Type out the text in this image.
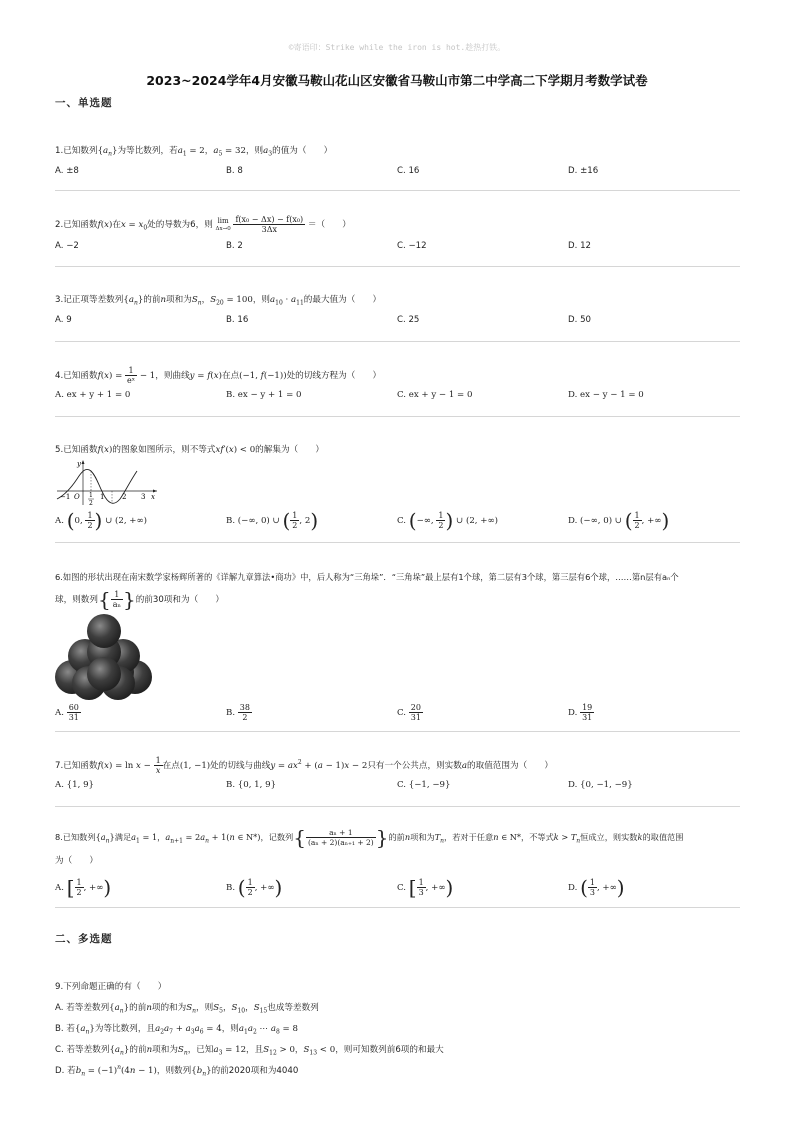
©寄语印：Strike while the iron is hot.趁热打铁。
2023~2024学年4月安徽马鞍山花山区安徽省马鞍山市第二中学高二下学期月考数学试卷
一、单选题
1.已知数列$\{a_n\}$为等比数列，若$a_1 = 2$，$a_5 = 32$，则$a_3$的值为（　　）
A. ±8	B. 8	C. 16	D. ±16
2.已知函数f(x)在$x = x_0$处的导数为6，则 lim
Δx→0
$\frac{\text{f(x₀ − Δx) − f(x₀)}}{3\Delta x}$ ＝（　　）
A. −2	B. 2	C. −12	D. 12
3.记正项等差数列$\{a_n\}$的前n项和为$S_n$，$S_{20} = 100$，则$a_{10} \cdot a_{11}$的最大值为（　　）
A. 9	B. 16	C. 25	D. 50
4.已知函数$f(x) = \frac{1}{\text{eˣ}} - 1$，则曲线y = f(x)在点(−1, f(−1))处的切线方程为（　　）
A. ex + y + 1 = 0	B. ex − y + 1 = 0	C. ex + y − 1 = 0	D. ex − y − 1 = 0
5.已知函数f(x)的图象如图所示，则不等式xf′(x) < 0的解集为（　　）
y
x
−1 O 1
2
1	2 3
A. (0, $\frac{1}{2}$ ) ∪ (2, +∞)	B. (−∞, 0) ∪ ( $\frac{1}{2}$ , 2)	C. (−∞, $\frac{1}{2}$ ) ∪ (2, +∞)	D. (−∞, 0) ∪ ( $\frac{1}{2}$ , +∞)
6.如图的形状出现在南宋数学家杨辉所著的《详解九章算法•商功》中，后人称为“三角垛”．“三角垛”最上层有1个球，第二层有3个球，第三层有6个球，……第n层有aₙ个
球，则数列{ $\frac{1}{\text{aₙ}}$ }的前30项和为（　　）
A. $\frac{60}{31}$	B. $\frac{38}{2}$	C. $\frac{20}{31}$	D. $\frac{19}{31}$
7.已知函数$f(x) = \ln x - \frac{1}{x}$ 在点(1, −1)处的切线与曲线$y = ax^2 + (a - 1)x - 2$只有一个公共点，则实数a的取值范围为（　　）
A. {1, 9}	B. {0, 1, 9}	C. {−1, −9}	D. {0, −1, −9}
8.已知数列$\{a_n\}$满足$a_1 = 1$，$a_{n+1} = 2a_n + 1(n$ ∈ N*)，记数列{ $\frac{\text{aₙ + 1}}{\text{(aₙ + 2)(aₙ₊₁ + 2)}}$ }的前n项和为$T_n$，若对于任意n ∈ N*，不等式$k > T_n$恒成立，则实数k的取值范围
为（　　）
A. [ $\frac{1}{2}$ , +∞)	B. ( $\frac{1}{2}$ , +∞)	C. [ $\frac{1}{3}$ , +∞)	D. ( $\frac{1}{3}$ , +∞)
二、多选题
9.下列命题正确的有（　　）
A. 若等差数列$\{a_n\}$的前n项的和为$S_n$，则$S_5$，$S_{10}$，$S_{15}$也成等差数列
B. 若$\{a_n\}$为等比数列，且$a_2a_7 + a_3a_6 = 4$，则$a_1a_2$ ⋯ $a_8 = 8$
C. 若等差数列$\{a_n\}$的前n项和为$S_n$，已知$a_3 = 12$，且$S_{12} > 0$，$S_{13} < 0$，则可知数列前6项的和最大
D. 若$b_n = (-1)^n(4n - 1)$，则数列$\{b_n\}$的前2020项和为4040
